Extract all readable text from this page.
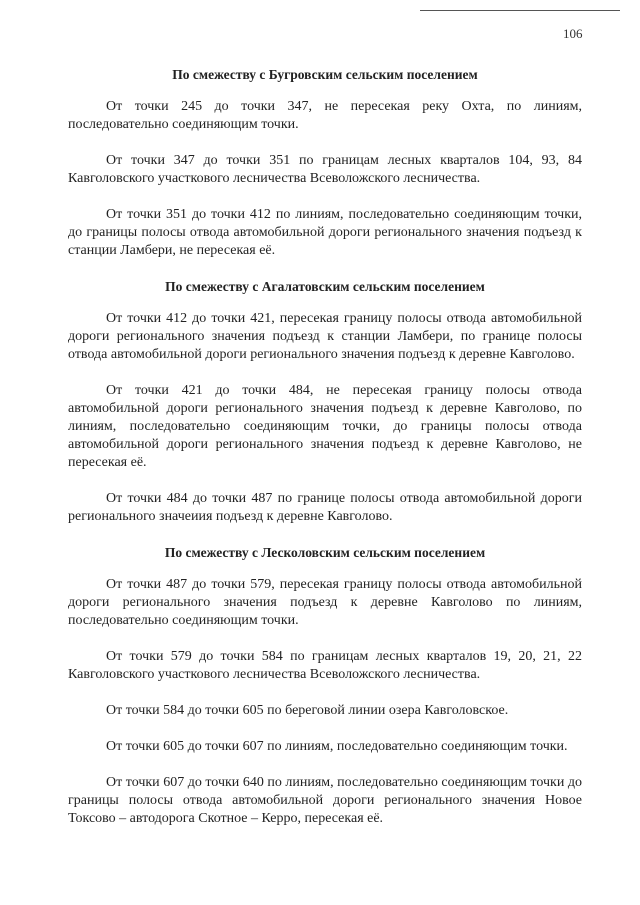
106
По смежеству с Бугровским сельским поселением

От точки 245 до точки 347, не пересекая реку Охта, по линиям, последовательно соединяющим точки.

От точки 347 до точки 351 по границам лесных кварталов 104, 93, 84 Кавголовского участкового лесничества Всеволожского лесничества.

От точки 351 до точки 412 по линиям, последовательно соединяющим точки, до границы полосы отвода автомобильной дороги регионального значения подъезд к станции Ламбери, не пересекая её.

По смежеству с Агалатовским сельским поселением

От точки 412 до точки 421, пересекая границу полосы отвода автомобильной дороги регионального значения подъезд к станции Ламбери, по границе полосы отвода автомобильной дороги регионального значения подъезд к деревне Кавголово.

От точки 421 до точки 484, не пересекая границу полосы отвода автомобильной дороги регионального значения подъезд к деревне Кавголово, по линиям, последовательно соединяющим точки, до границы полосы отвода автомобильной дороги регионального значения подъезд к деревне Кавголово, не пересекая её.

От точки 484 до точки 487 по границе полосы отвода автомобильной дороги регионального значеиия подъезд к деревне Кавголово.

По смежеству с Лесколовским сельским поселением

От точки 487 до точки 579, пересекая границу полосы отвода автомобильной дороги регионального значения подъезд к деревне Кавголово по линиям, последовательно соединяющим точки.

От точки 579 до точки 584 по границам лесных кварталов 19, 20, 21, 22 Кавголовского участкового лесничества Всеволожского лесничества.

От точки 584 до точки 605 по береговой линии озера Кавголовское.

От точки 605 до точки 607 по линиям, последовательно соединяющим точки.

От точки 607 до точки 640 по линиям, последовательно соединяющим точки до границы полосы отвода автомобильной дороги регионального значения Новое Токсово – автодорога Скотное – Керро, пересекая её.
